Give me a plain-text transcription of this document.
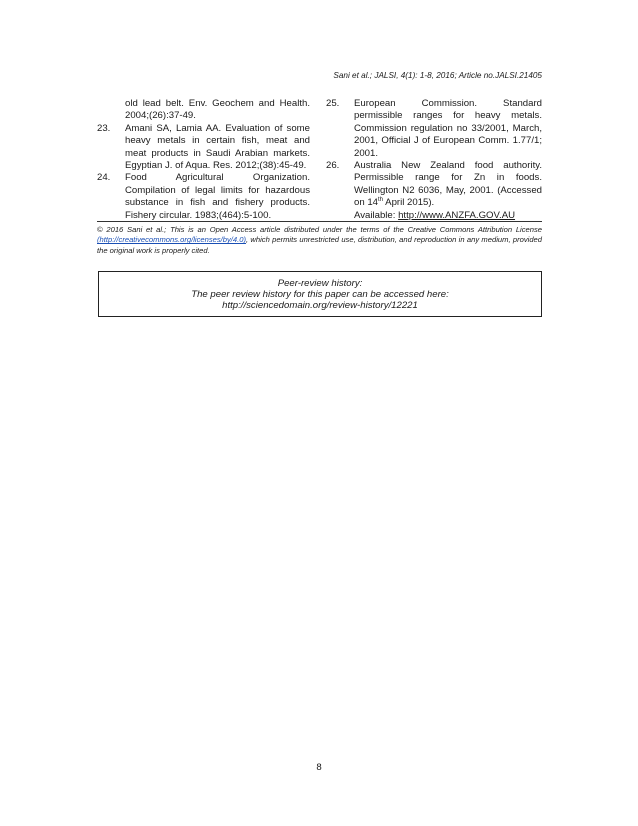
Sani et al.; JALSI, 4(1): 1-8, 2016; Article no.JALSI.21405
old lead belt. Env. Geochem and Health. 2004;(26):37-49.
23. Amani SA, Lamia AA. Evaluation of some heavy metals in certain fish, meat and meat products in Saudi Arabian markets. Egyptian J. of Aqua. Res. 2012;(38):45-49.
24. Food Agricultural Organization. Compilation of legal limits for hazardous substance in fish and fishery products. Fishery circular. 1983;(464):5-100.
25. European Commission. Standard permissible ranges for heavy metals. Commission regulation no 33/2001, March, 2001, Official J of European Comm. 1.77/1; 2001.
26. Australia New Zealand food authority. Permissible range for Zn in foods. Wellington N2 6036, May, 2001. (Accessed on 14th April 2015).
Available: http://www.ANZFA.GOV.AU
© 2016 Sani et al.; This is an Open Access article distributed under the terms of the Creative Commons Attribution License (http://creativecommons.org/licenses/by/4.0), which permits unrestricted use, distribution, and reproduction in any medium, provided the original work is properly cited.
Peer-review history:
The peer review history for this paper can be accessed here:
http://sciencedomain.org/review-history/12221
8
